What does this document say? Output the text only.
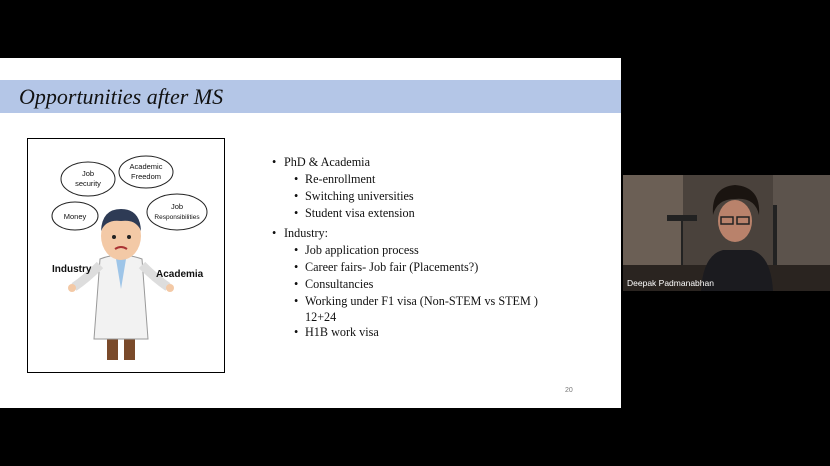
Opportunities after MS
Job
security
Academic
Freedom
Money
Job
Responsibilities
Industry	Academia
• PhD & Academia
• Re-enrollment
• Switching universities
• Student visa extension
• Industry:
• Job application process
• Career fairs- Job fair (Placements?)
• Consultancies
• Working under F1 visa (Non-STEM vs STEM )
12+24
• H1B work visa
20
Deepak Padmanabhan
